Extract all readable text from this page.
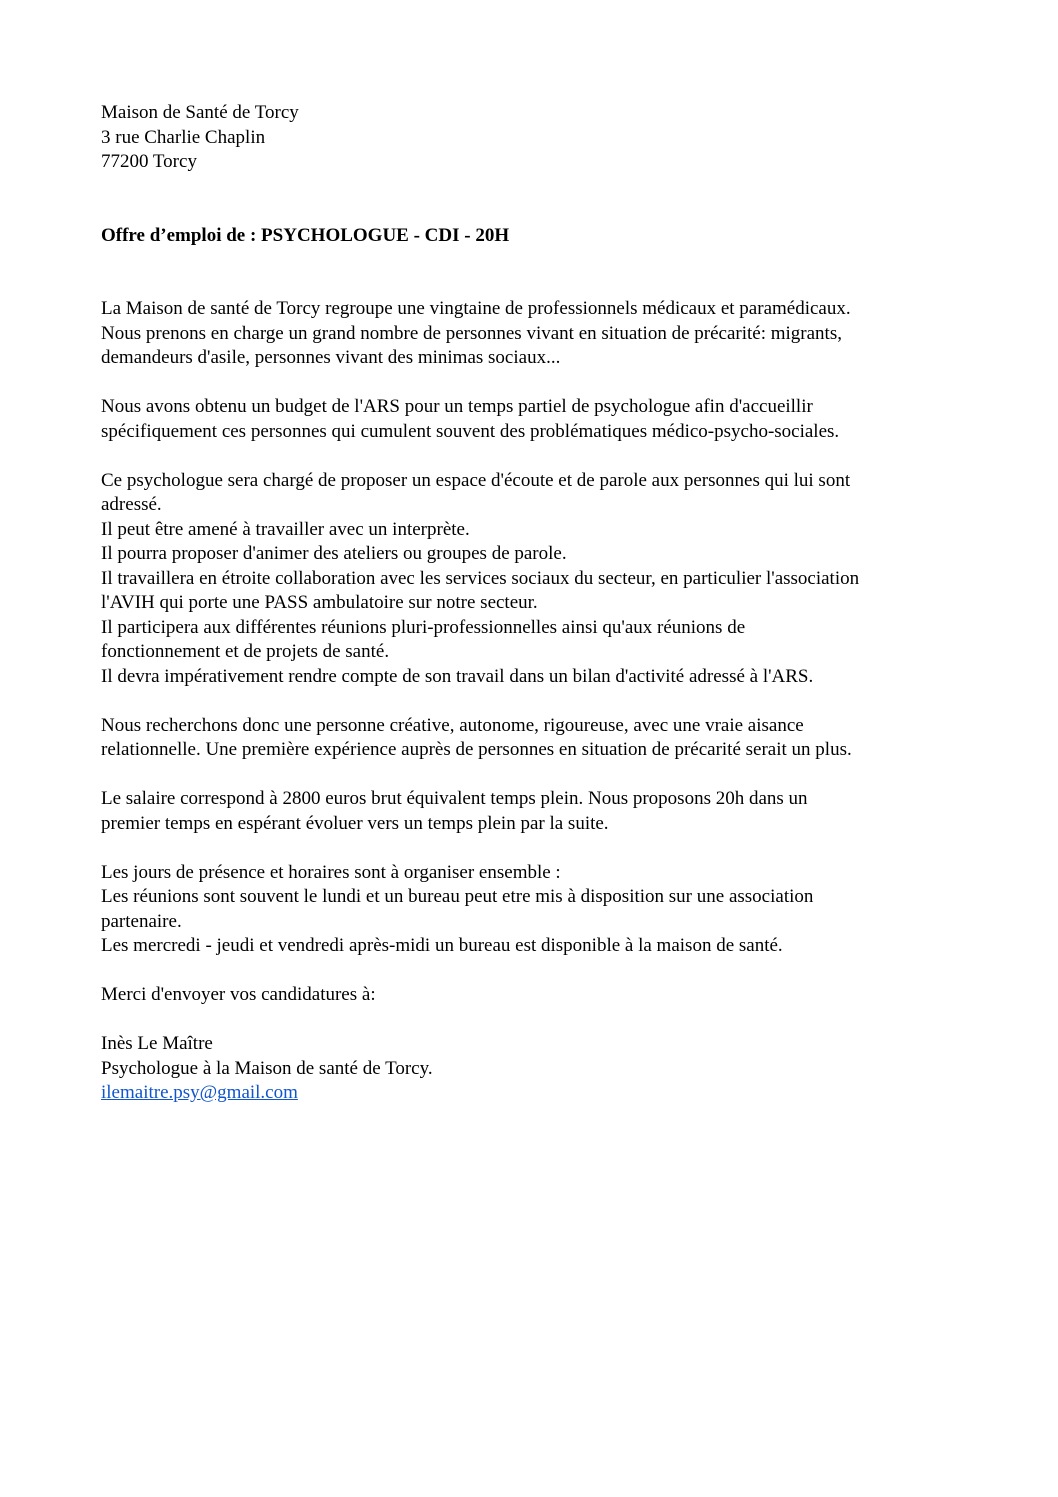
Maison de Santé de Torcy
3 rue Charlie Chaplin
77200 Torcy
Offre d’emploi de : PSYCHOLOGUE - CDI - 20H
La Maison de santé de Torcy regroupe une vingtaine de professionnels médicaux et paramédicaux.
Nous prenons en charge un grand nombre de personnes vivant en situation de précarité: migrants,
demandeurs d'asile, personnes vivant des minimas sociaux...
Nous avons obtenu un budget de l'ARS pour un temps partiel de psychologue afin d'accueillir
spécifiquement ces personnes qui cumulent souvent des problématiques médico-psycho-sociales.
Ce psychologue sera chargé de proposer un espace d'écoute et de parole aux personnes qui lui sont
adressé.
Il peut être amené à travailler avec un interprète.
Il pourra proposer d'animer des ateliers ou groupes de parole.
Il travaillera en étroite collaboration avec les services sociaux du secteur, en particulier l'association
l'AVIH qui porte une PASS ambulatoire sur notre secteur.
Il participera aux différentes réunions pluri-professionnelles ainsi qu'aux réunions de
fonctionnement et de projets de santé.
Il devra impérativement rendre compte de son travail dans un bilan d'activité adressé à l'ARS.
Nous recherchons donc une personne créative, autonome, rigoureuse, avec une vraie aisance
relationnelle. Une première expérience auprès de personnes en situation de précarité serait un plus.
Le salaire correspond à 2800 euros brut équivalent temps plein. Nous proposons 20h dans un
premier temps en espérant évoluer vers un temps plein par la suite.
Les jours de présence et horaires sont à organiser ensemble :
Les réunions sont souvent le lundi et un bureau peut etre mis à disposition sur une association
partenaire.
Les mercredi - jeudi et vendredi après-midi un bureau est disponible à la maison de santé.
Merci d'envoyer vos candidatures à:
Inès Le Maître
Psychologue à la Maison de santé de Torcy.
ilemaitre.psy@gmail.com
